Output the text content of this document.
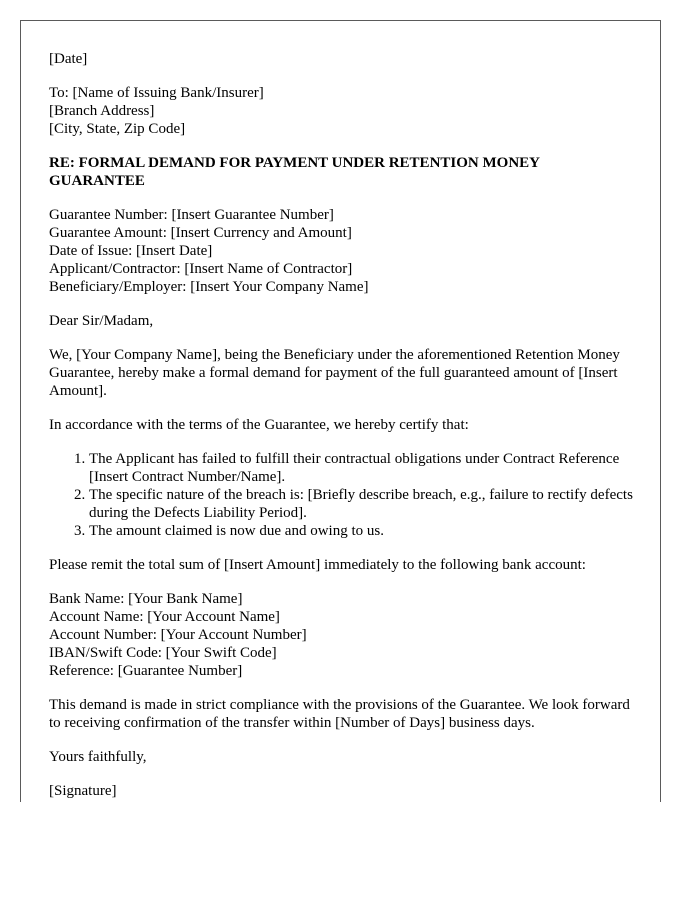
[Date]

To: [Name of Issuing Bank/Insurer]
[Branch Address]
[City, State, Zip Code]

RE: FORMAL DEMAND FOR PAYMENT UNDER RETENTION MONEY GUARANTEE

Guarantee Number: [Insert Guarantee Number]
Guarantee Amount: [Insert Currency and Amount]
Date of Issue: [Insert Date]
Applicant/Contractor: [Insert Name of Contractor]
Beneficiary/Employer: [Insert Your Company Name]

Dear Sir/Madam,

We, [Your Company Name], being the Beneficiary under the aforementioned Retention Money Guarantee, hereby make a formal demand for payment of the full guaranteed amount of [Insert Amount].

In accordance with the terms of the Guarantee, we hereby certify that:

1. The Applicant has failed to fulfill their contractual obligations under Contract Reference [Insert Contract Number/Name].
2. The specific nature of the breach is: [Briefly describe breach, e.g., failure to rectify defects during the Defects Liability Period].
3. The amount claimed is now due and owing to us.

Please remit the total sum of [Insert Amount] immediately to the following bank account:

Bank Name: [Your Bank Name]
Account Name: [Your Account Name]
Account Number: [Your Account Number]
IBAN/Swift Code: [Your Swift Code]
Reference: [Guarantee Number]

This demand is made in strict compliance with the provisions of the Guarantee. We look forward to receiving confirmation of the transfer within [Number of Days] business days.

Yours faithfully,

[Signature]
